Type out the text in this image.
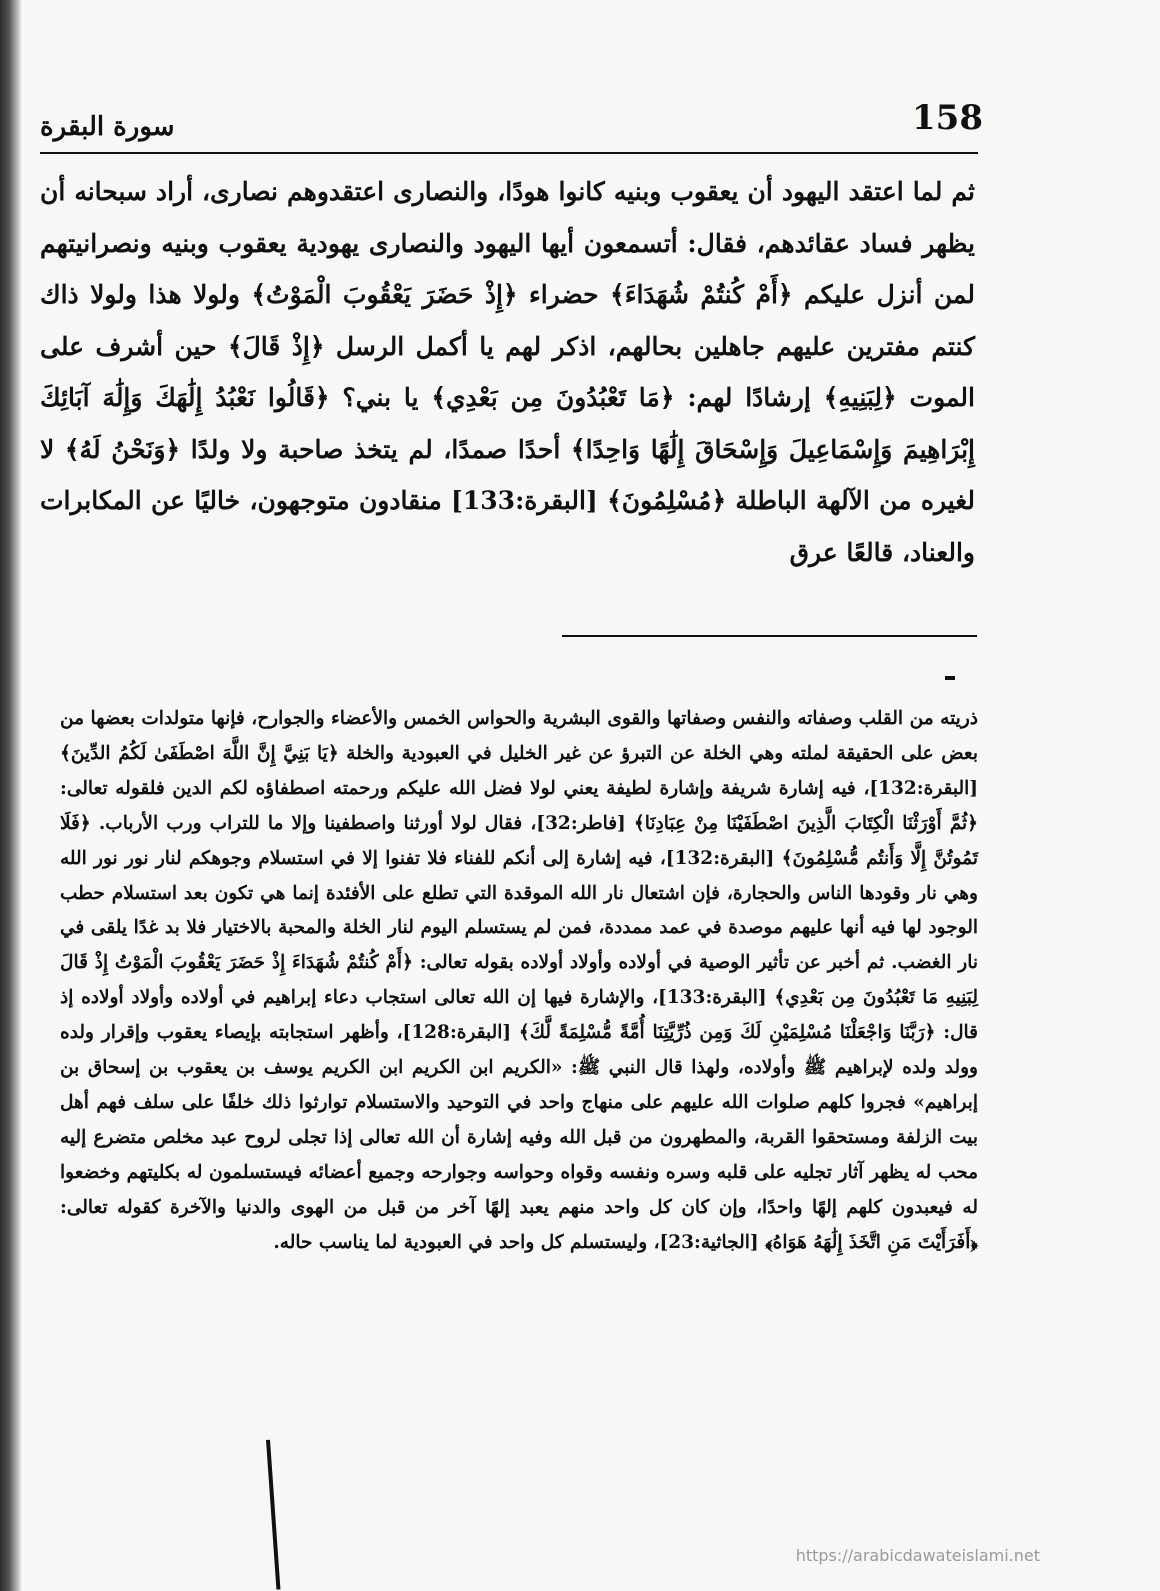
158
سورة البقرة

ثم لما اعتقد اليهود أن يعقوب وبنيه كانوا هودًا، والنصارى اعتقدوهم نصارى، أراد سبحانه أن يظهر فساد عقائدهم، فقال: أتسمعون أيها اليهود والنصارى يهودية يعقوب وبنيه ونصرانيتهم لمن أنزل عليكم ﴿أَمْ كُنتُمْ شُهَدَاءَ﴾ حضراء ﴿إِذْ حَضَرَ يَعْقُوبَ الْمَوْتُ﴾ ولولا هذا ولولا ذاك كنتم مفترين عليهم جاهلين بحالهم، اذكر لهم يا أكمل الرسل ﴿إِذْ قَالَ﴾ حين أشرف على الموت ﴿لِبَنِيهِ﴾ إرشادًا لهم: ﴿مَا تَعْبُدُونَ مِن بَعْدِي﴾ يا بني؟ ﴿قَالُوا نَعْبُدُ إِلَٰهَكَ وَإِلَٰهَ آبَائِكَ إِبْرَاهِيمَ وَإِسْمَاعِيلَ وَإِسْحَاقَ إِلَٰهًا وَاحِدًا﴾ أحدًا صمدًا، لم يتخذ صاحبة ولا ولدًا ﴿وَنَحْنُ لَهُ﴾ لا لغيره من الآلهة الباطلة ﴿مُسْلِمُونَ﴾ [البقرة:133] منقادون متوجهون، خاليًا عن المكابرات والعناد، قالعًا عرق

ذريته من القلب وصفاته والنفس وصفاتها والقوى البشرية والحواس الخمس والأعضاء والجوارح، فإنها متولدات بعضها من بعض على الحقيقة لملته وهي الخلة عن التبرؤ عن غير الخليل في العبودية والخلة ﴿يَا بَنِيَّ إِنَّ اللَّهَ اصْطَفَىٰ لَكُمُ الدِّينَ﴾ [البقرة:132]، فيه إشارة شريفة وإشارة لطيفة يعني لولا فضل الله عليكم ورحمته اصطفاؤه لكم الدين فلقوله تعالى: ﴿ثُمَّ أَوْرَثْنَا الْكِتَابَ الَّذِينَ اصْطَفَيْنَا مِنْ عِبَادِنَا﴾ [فاطر:32]، فقال لولا أورثنا واصطفينا وإلا ما للتراب ورب الأرباب. ﴿فَلَا تَمُوتُنَّ إِلَّا وَأَنتُم مُّسْلِمُونَ﴾ [البقرة:132]، فيه إشارة إلى أنكم للفناء فلا تفنوا إلا في استسلام وجوهكم لنار نور نور الله وهي نار وقودها الناس والحجارة، فإن اشتعال نار الله الموقدة التي تطلع على الأفئدة إنما هي تكون بعد استسلام حطب الوجود لها فيه أنها عليهم موصدة في عمد ممددة، فمن لم يستسلم اليوم لنار الخلة والمحبة بالاختيار فلا بد غدًا يلقى في نار الغضب. ثم أخبر عن تأثير الوصية في أولاده وأولاد أولاده بقوله تعالى: ﴿أَمْ كُنتُمْ شُهَدَاءَ إِذْ حَضَرَ يَعْقُوبَ الْمَوْتُ إِذْ قَالَ لِبَنِيهِ مَا تَعْبُدُونَ مِن بَعْدِي﴾ [البقرة:133]، والإشارة فيها إن الله تعالى استجاب دعاء إبراهيم في أولاده وأولاد أولاده إذ قال: ﴿رَبَّنَا وَاجْعَلْنَا مُسْلِمَيْنِ لَكَ وَمِن ذُرِّيَّتِنَا أُمَّةً مُّسْلِمَةً لَّكَ﴾ [البقرة:128]، وأظهر استجابته بإيصاء يعقوب وإقرار ولده وولد ولده لإبراهيم ﷺ وأولاده، ولهذا قال النبي ﷺ: «الكريم ابن الكريم ابن الكريم يوسف بن يعقوب بن إسحاق بن إبراهيم» فجروا كلهم صلوات الله عليهم على منهاج واحد في التوحيد والاستسلام توارثوا ذلك خلفًا على سلف فهم أهل بيت الزلفة ومستحقوا القربة، والمطهرون من قبل الله وفيه إشارة أن الله تعالى إذا تجلى لروح عبد مخلص متضرع إليه محب له يظهر آثار تجليه على قلبه وسره ونفسه وقواه وحواسه وجوارحه وجميع أعضائه فيستسلمون له بكليتهم وخضعوا له فيعبدون كلهم إلهًا واحدًا، وإن كان كل واحد منهم يعبد إلهًا آخر من قبل من الهوى والدنيا والآخرة كقوله تعالى: ﴿أَفَرَأَيْتَ مَنِ اتَّخَذَ إِلَٰهَهُ هَوَاهُ﴾ [الجاثية:23]، وليستسلم كل واحد في العبودية لما يناسب حاله.

https://arabicdawateislami.net
